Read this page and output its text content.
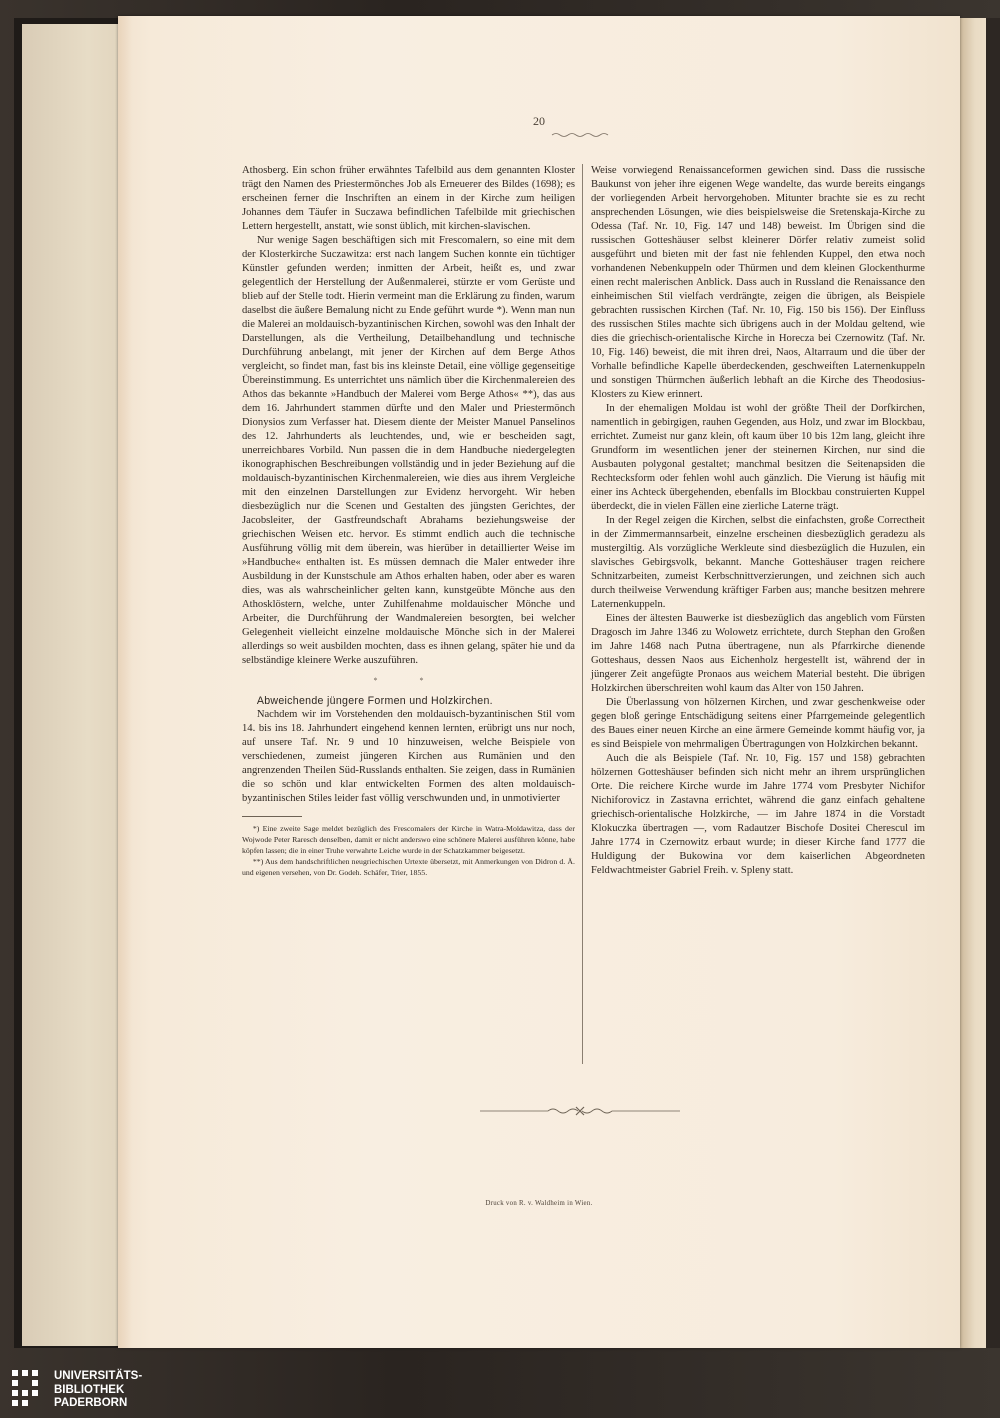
20

Athosberg. Ein schon früher erwähntes Tafelbild aus dem genannten Kloster trägt den Namen des Priestermönches Job als Erneuerer des Bildes (1698); es erscheinen ferner die Inschriften an einem in der Kirche zum heiligen Johannes dem Täufer in Suczawa befindlichen Tafelbilde mit griechischen Lettern hergestellt, anstatt, wie sonst üblich, mit kirchen-slavischen.

Nur wenige Sagen beschäftigen sich mit Frescomalern, so eine mit dem der Klosterkirche Suczawitza: erst nach langem Suchen konnte ein tüchtiger Künstler gefunden werden; inmitten der Arbeit, heißt es, und zwar gelegentlich der Herstellung der Außenmalerei, stürzte er vom Gerüste und blieb auf der Stelle todt. Hierin vermeint man die Erklärung zu finden, warum daselbst die äußere Bemalung nicht zu Ende geführt wurde *). Wenn man nun die Malerei an moldauisch-byzantinischen Kirchen, sowohl was den Inhalt der Darstellungen, als die Vertheilung, Detailbehandlung und technische Durchführung anbelangt, mit jener der Kirchen auf dem Berge Athos vergleicht, so findet man, fast bis ins kleinste Detail, eine völlige gegenseitige Übereinstimmung. Es unterrichtet uns nämlich über die Kirchenmalereien des Athos das bekannte »Handbuch der Malerei vom Berge Athos« **), das aus dem 16. Jahrhundert stammen dürfte und den Maler und Priestermönch Dionysios zum Verfasser hat. Diesem diente der Meister Manuel Panselinos des 12. Jahrhunderts als leuchtendes, und, wie er bescheiden sagt, unerreichbares Vorbild. Nun passen die in dem Handbuche niedergelegten ikonographischen Beschreibungen vollständig und in jeder Beziehung auf die moldauisch-byzantinischen Kirchenmalereien, wie dies aus ihrem Vergleiche mit den einzelnen Darstellungen zur Evidenz hervorgeht. Wir heben diesbezüglich nur die Scenen und Gestalten des jüngsten Gerichtes, der Jacobsleiter, der Gastfreundschaft Abrahams beziehungsweise der griechischen Weisen etc. hervor. Es stimmt endlich auch die technische Ausführung völlig mit dem überein, was hierüber in detaillierter Weise im »Handbuche« enthalten ist. Es müssen demnach die Maler entweder ihre Ausbildung in der Kunstschule am Athos erhalten haben, oder aber es waren dies, was als wahrscheinlicher gelten kann, kunstgeübte Mönche aus den Athosklöstern, welche, unter Zuhilfenahme moldauischer Mönche und Arbeiter, die Durchführung der Wandmalereien besorgten, bei welcher Gelegenheit vielleicht einzelne moldauische Mönche sich in der Malerei allerdings so weit ausbilden mochten, dass es ihnen gelang, später hie und da selbständige kleinere Werke auszuführen.

* *

Abweichende jüngere Formen und Holzkirchen.

Nachdem wir im Vorstehenden den moldauisch-byzantinischen Stil vom 14. bis ins 18. Jahrhundert eingehend kennen lernten, erübrigt uns nur noch, auf unsere Taf. Nr. 9 und 10 hinzuweisen, welche Beispiele von verschiedenen, zumeist jüngeren Kirchen aus Rumänien und den angrenzenden Theilen Süd-Russlands enthalten. Sie zeigen, dass in Rumänien die so schön und klar entwickelten Formen des alten moldauisch-byzantinischen Stiles leider fast völlig verschwunden und, in unmotivierter

*) Eine zweite Sage meldet bezüglich des Frescomalers der Kirche in Watra-Moldawitza, dass der Wojwode Peter Raresch denselben, damit er nicht anderswo eine schönere Malerei ausführen könne, habe köpfen lassen; die in einer Truhe verwahrte Leiche wurde in der Schatzkammer beigesetzt.

**) Aus dem handschriftlichen neugriechischen Urtexte übersetzt, mit Anmerkungen von Didron d. Ä. und eigenen versehen, von Dr. Godeh. Schäfer, Trier, 1855.

Weise vorwiegend Renaissanceformen gewichen sind. Dass die russische Baukunst von jeher ihre eigenen Wege wandelte, das wurde bereits eingangs der vorliegenden Arbeit hervorgehoben. Mitunter brachte sie es zu recht ansprechenden Lösungen, wie dies beispielsweise die Sretenskaja-Kirche zu Odessa (Taf. Nr. 10, Fig. 147 und 148) beweist. Im Übrigen sind die russischen Gotteshäuser selbst kleinerer Dörfer relativ zumeist solid ausgeführt und bieten mit der fast nie fehlenden Kuppel, den etwa noch vorhandenen Nebenkuppeln oder Thürmen und dem kleinen Glockenthurme einen recht malerischen Anblick. Dass auch in Russland die Renaissance den einheimischen Stil vielfach verdrängte, zeigen die übrigen, als Beispiele gebrachten russischen Kirchen (Taf. Nr. 10, Fig. 150 bis 156). Der Einfluss des russischen Stiles machte sich übrigens auch in der Moldau geltend, wie dies die griechisch-orientalische Kirche in Horecza bei Czernowitz (Taf. Nr. 10, Fig. 146) beweist, die mit ihren drei, Naos, Altarraum und die über der Vorhalle befindliche Kapelle überdeckenden, geschweiften Laternenkuppeln und sonstigen Thürmchen äußerlich lebhaft an die Kirche des Theodosius-Klosters zu Kiew erinnert.

In der ehemaligen Moldau ist wohl der größte Theil der Dorfkirchen, namentlich in gebirgigen, rauhen Gegenden, aus Holz, und zwar im Blockbau, errichtet. Zumeist nur ganz klein, oft kaum über 10 bis 12m lang, gleicht ihre Grundform im wesentlichen jener der steinernen Kirchen, nur sind die Ausbauten polygonal gestaltet; manchmal besitzen die Seitenapsiden die Rechtecksform oder fehlen wohl auch gänzlich. Die Vierung ist häufig mit einer ins Achteck übergehenden, ebenfalls im Blockbau construierten Kuppel überdeckt, die in vielen Fällen eine zierliche Laterne trägt.

In der Regel zeigen die Kirchen, selbst die einfachsten, große Correctheit in der Zimmermannsarbeit, einzelne erscheinen diesbezüglich geradezu als mustergiltig. Als vorzügliche Werkleute sind diesbezüglich die Huzulen, ein slavisches Gebirgsvolk, bekannt. Manche Gotteshäuser tragen reichere Schnitzarbeiten, zumeist Kerbschnittverzierungen, und zeichnen sich auch durch theilweise Verwendung kräftiger Farben aus; manche besitzen mehrere Laternenkuppeln.

Eines der ältesten Bauwerke ist diesbezüglich das angeblich vom Fürsten Dragosch im Jahre 1346 zu Wolowetz errichtete, durch Stephan den Großen im Jahre 1468 nach Putna übertragene, nun als Pfarrkirche dienende Gotteshaus, dessen Naos aus Eichenholz hergestellt ist, während der in jüngerer Zeit angefügte Pronaos aus weichem Material besteht. Die übrigen Holzkirchen überschreiten wohl kaum das Alter von 150 Jahren.

Die Überlassung von hölzernen Kirchen, und zwar geschenkweise oder gegen bloß geringe Entschädigung seitens einer Pfarrgemeinde gelegentlich des Baues einer neuen Kirche an eine ärmere Gemeinde kommt häufig vor, ja es sind Beispiele von mehrmaligen Übertragungen von Holzkirchen bekannt.

Auch die als Beispiele (Taf. Nr. 10, Fig. 157 und 158) gebrachten hölzernen Gotteshäuser befinden sich nicht mehr an ihrem ursprünglichen Orte. Die reichere Kirche wurde im Jahre 1774 vom Presbyter Nichifor Nichiforovicz in Zastavna errichtet, während die ganz einfach gehaltene griechisch-orientalische Holzkirche, — im Jahre 1874 in die Vorstadt Klokuczka übertragen —, vom Radautzer Bischofe Dositei Cherescul im Jahre 1774 in Czernowitz erbaut wurde; in dieser Kirche fand 1777 die Huldigung der Bukowina vor dem kaiserlichen Abgeordneten Feldwachtmeister Gabriel Freih. v. Spleny statt.

Druck von R. v. Waldheim in Wien.
UNIVERSITÄTS-
BIBLIOTHEK
PADERBORN
